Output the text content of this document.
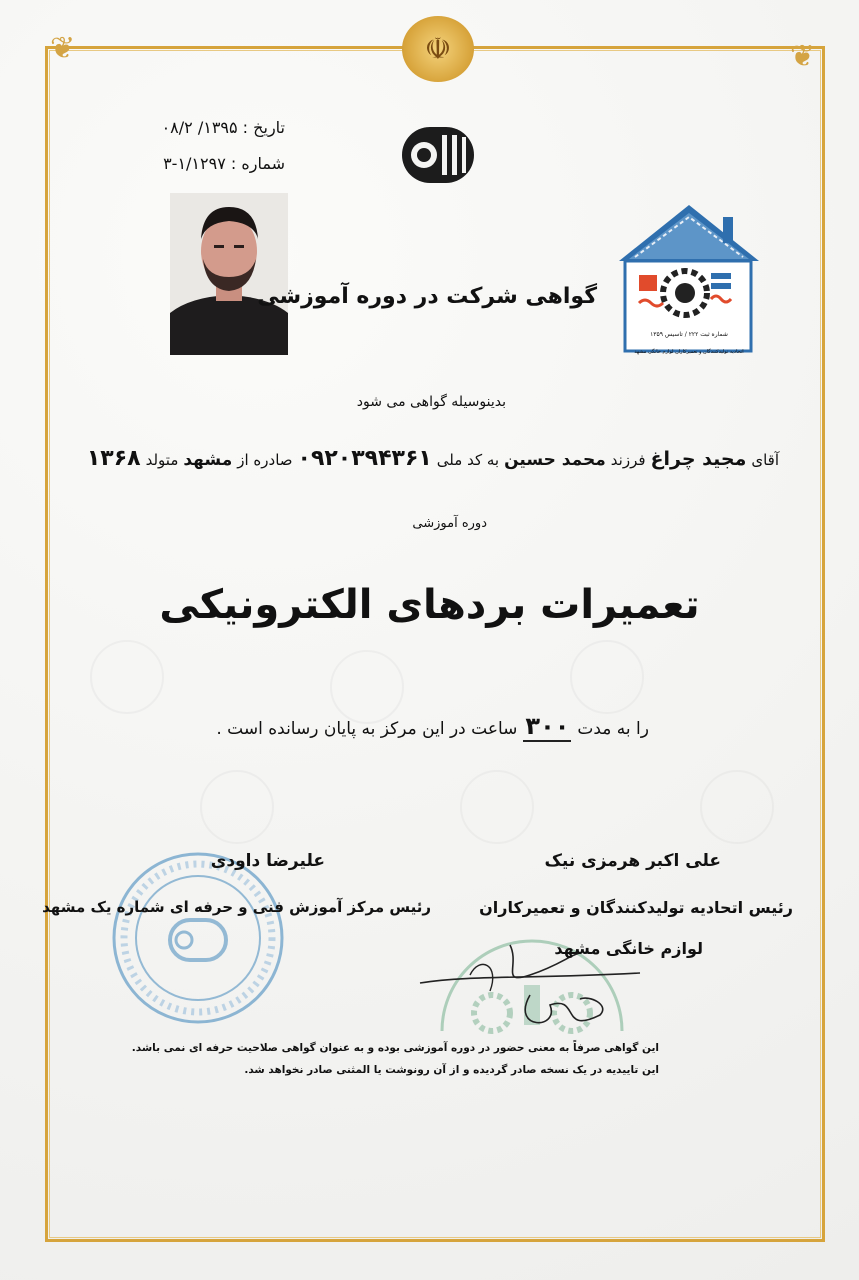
❦	❦
☫
تاریخ : ۱۳۹۵/ ۰۸/۲
شماره : ۱/۱۲۹۷-۳
گواهی شرکت در دوره آموزشی
شماره ثبت ۲۲۲ / تاسیس ۱۳۵۹
اتحادیه تولیدکنندگان و تعمیرکاران لوازم خانگی مشهد
بدینوسیله گواهی می شود
آقای
مجید چراغ
فرزند
محمد حسین
به کد ملی
۰۹۲۰۳۹۴۳۶۱
صادره از
مشهد
متولد
۱۳۶۸
دوره آموزشی
تعمیرات بردهای الکترونیکی
را به مدت
۳۰۰
ساعت در این مرکز به پایان رسانده است .
علی اکبر هرمزی نیک
رئیس اتحادیه تولیدکنندگان و تعمیرکاران
لوازم خانگی مشهد
علیرضا داودی
رئیس مرکز آموزش فنی و حرفه ای شماره یک مشهد
این گواهی صرفاً به معنی حضور در دوره آموزشی بوده و به عنوان گواهی صلاحیت حرفه ای نمی باشد.
این تاییدیه در یک نسخه صادر گردیده و از آن رونوشت یا المثنی صادر نخواهد شد.
